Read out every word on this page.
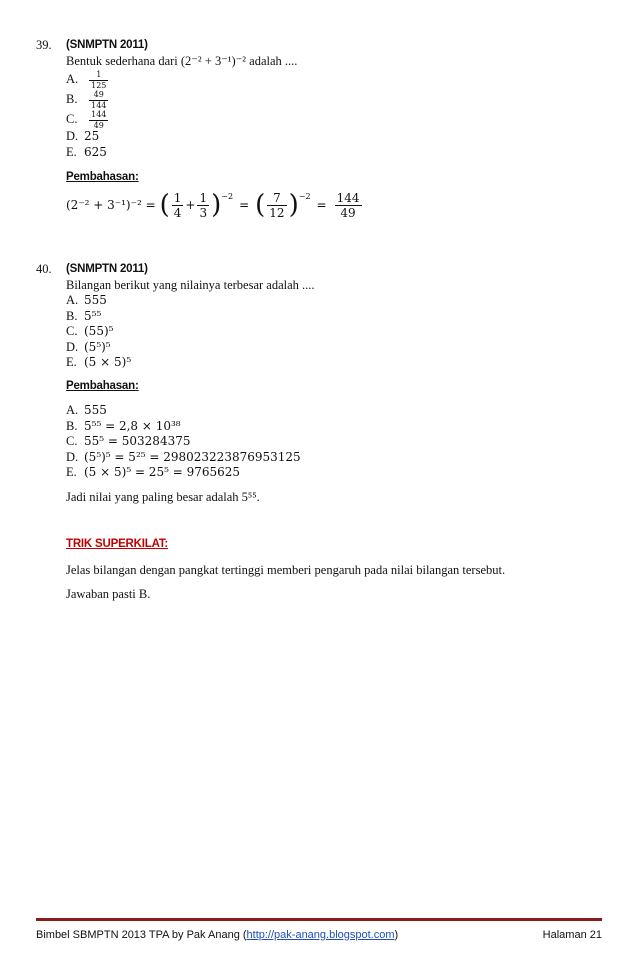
39. (SNMPTN 2011)
Bentuk sederhana dari (2⁻² + 3⁻¹)⁻² adalah ....
A. $\frac{1}{125}$
B. $\frac{49}{144}$
C. $\frac{144}{49}$
D. 25
E. 625
Pembahasan:
(2⁻² + 3⁻¹)⁻² = ( $\frac{1}{4} + \frac{1}{3}$ ) −2
= ( $\frac{7}{12}$ ) −2
= $\frac{144}{49}$
40. (SNMPTN 2011)
Bilangan berikut yang nilainya terbesar adalah ....
A. 555
B. 5⁵⁵
C. (55)⁵
D. (5⁵)⁵
E. (5 × 5)⁵
Pembahasan:
A. 555
B. 5⁵⁵ = 2,8 × 10³⁸
C. 55⁵ = 503284375
D. (5⁵)⁵ = 5²⁵ = 298023223876953125
E. (5 × 5)⁵ = 25⁵ = 9765625
Jadi nilai yang paling besar adalah 5⁵⁵.
TRIK SUPERKILAT:
Jelas bilangan dengan pangkat tertinggi memberi pengaruh pada nilai bilangan tersebut.
Jawaban pasti B.
Bimbel SBMPTN 2013 TPA by Pak Anang (http://pak-anang.blogspot.com)	Halaman 21
